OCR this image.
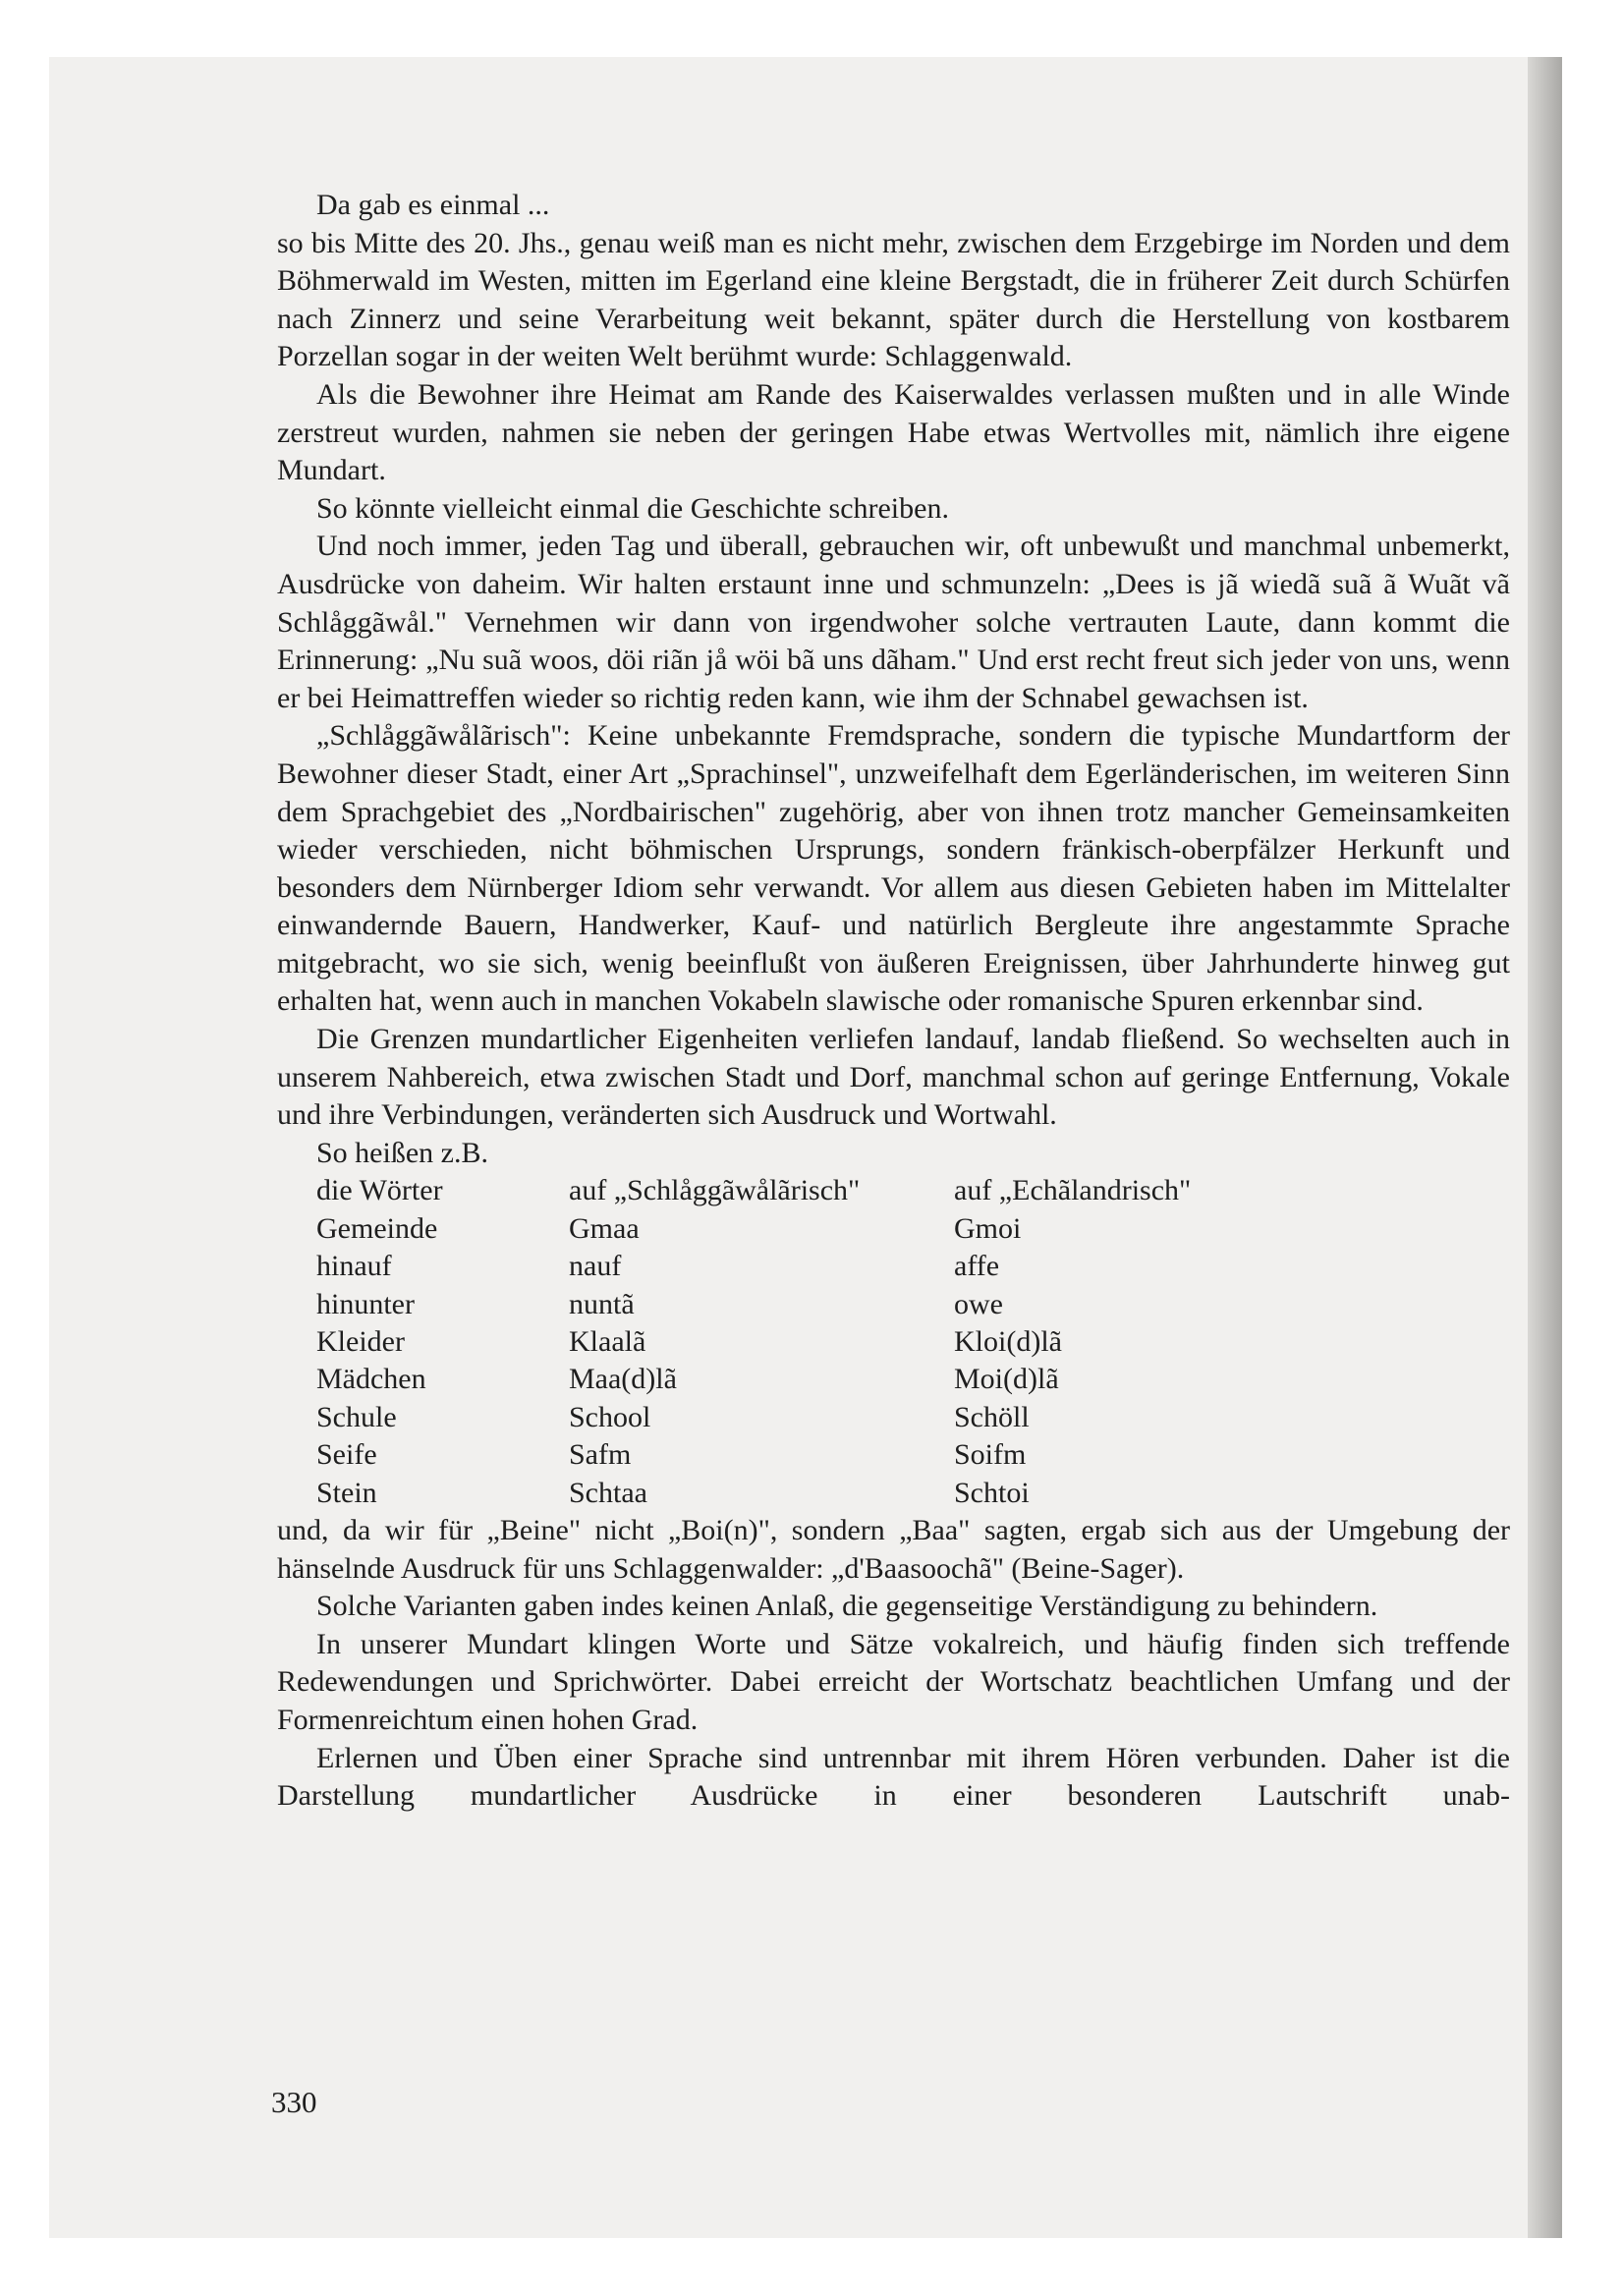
Da gab es einmal ...

so bis Mitte des 20. Jhs., genau weiß man es nicht mehr, zwischen dem Erzgebirge im Norden und dem Böhmerwald im Westen, mitten im Egerland eine kleine Bergstadt, die in früherer Zeit durch Schürfen nach Zinnerz und seine Verarbeitung weit bekannt, später durch die Herstellung von kostbarem Porzellan sogar in der weiten Welt berühmt wurde: Schlaggenwald.

Als die Bewohner ihre Heimat am Rande des Kaiserwaldes verlassen mußten und in alle Winde zerstreut wurden, nahmen sie neben der geringen Habe etwas Wertvolles mit, nämlich ihre eigene Mundart.

So könnte vielleicht einmal die Geschichte schreiben.

Und noch immer, jeden Tag und überall, gebrauchen wir, oft unbewußt und manchmal unbemerkt, Ausdrücke von daheim. Wir halten erstaunt inne und schmunzeln: „Dees is jã wiedã suã ã Wuãt vã Schlåggãwål." Vernehmen wir dann von irgendwoher solche vertrauten Laute, dann kommt die Erinnerung: „Nu suã woos, döi riãn jå wöi bã uns dãham." Und erst recht freut sich jeder von uns, wenn er bei Heimattreffen wieder so richtig reden kann, wie ihm der Schnabel gewachsen ist.

„Schlåggãwålãrisch": Keine unbekannte Fremdsprache, sondern die typische Mundartform der Bewohner dieser Stadt, einer Art „Sprachinsel", unzweifelhaft dem Egerländerischen, im weiteren Sinn dem Sprachgebiet des „Nordbairischen" zugehörig, aber von ihnen trotz mancher Gemeinsamkeiten wieder verschieden, nicht böhmischen Ursprungs, sondern fränkisch-oberpfälzer Herkunft und besonders dem Nürnberger Idiom sehr verwandt. Vor allem aus diesen Gebieten haben im Mittelalter einwandernde Bauern, Handwerker, Kauf- und natürlich Bergleute ihre angestammte Sprache mitgebracht, wo sie sich, wenig beeinflußt von äußeren Ereignissen, über Jahrhunderte hinweg gut erhalten hat, wenn auch in manchen Vokabeln slawische oder romanische Spuren erkennbar sind.

Die Grenzen mundartlicher Eigenheiten verliefen landauf, landab fließend. So wechselten auch in unserem Nahbereich, etwa zwischen Stadt und Dorf, manchmal schon auf geringe Entfernung, Vokale und ihre Verbindungen, veränderten sich Ausdruck und Wortwahl.

So heißen z.B.

die Wörter	auf „Schlåggãwålãrisch"	auf „Echãlandrisch"
Gemeinde	Gmaa	Gmoi
hinauf	nauf	affe
hinunter	nuntã	owe
Kleider	Klaalã	Kloi(d)lã
Mädchen	Maa(d)lã	Moi(d)lã
Schule	School	Schöll
Seife	Safm	Soifm
Stein	Schtaa	Schtoi

und, da wir für „Beine" nicht „Boi(n)", sondern „Baa" sagten, ergab sich aus der Umgebung der hänselnde Ausdruck für uns Schlaggenwalder: „d'Baasoochã" (Beine-Sager).

Solche Varianten gaben indes keinen Anlaß, die gegenseitige Verständigung zu behindern.

In unserer Mundart klingen Worte und Sätze vokalreich, und häufig finden sich treffende Redewendungen und Sprichwörter. Dabei erreicht der Wortschatz beachtlichen Umfang und der Formenreichtum einen hohen Grad.

Erlernen und Üben einer Sprache sind untrennbar mit ihrem Hören verbunden. Daher ist die Darstellung mundartlicher Ausdrücke in einer besonderen Lautschrift unab-

330
